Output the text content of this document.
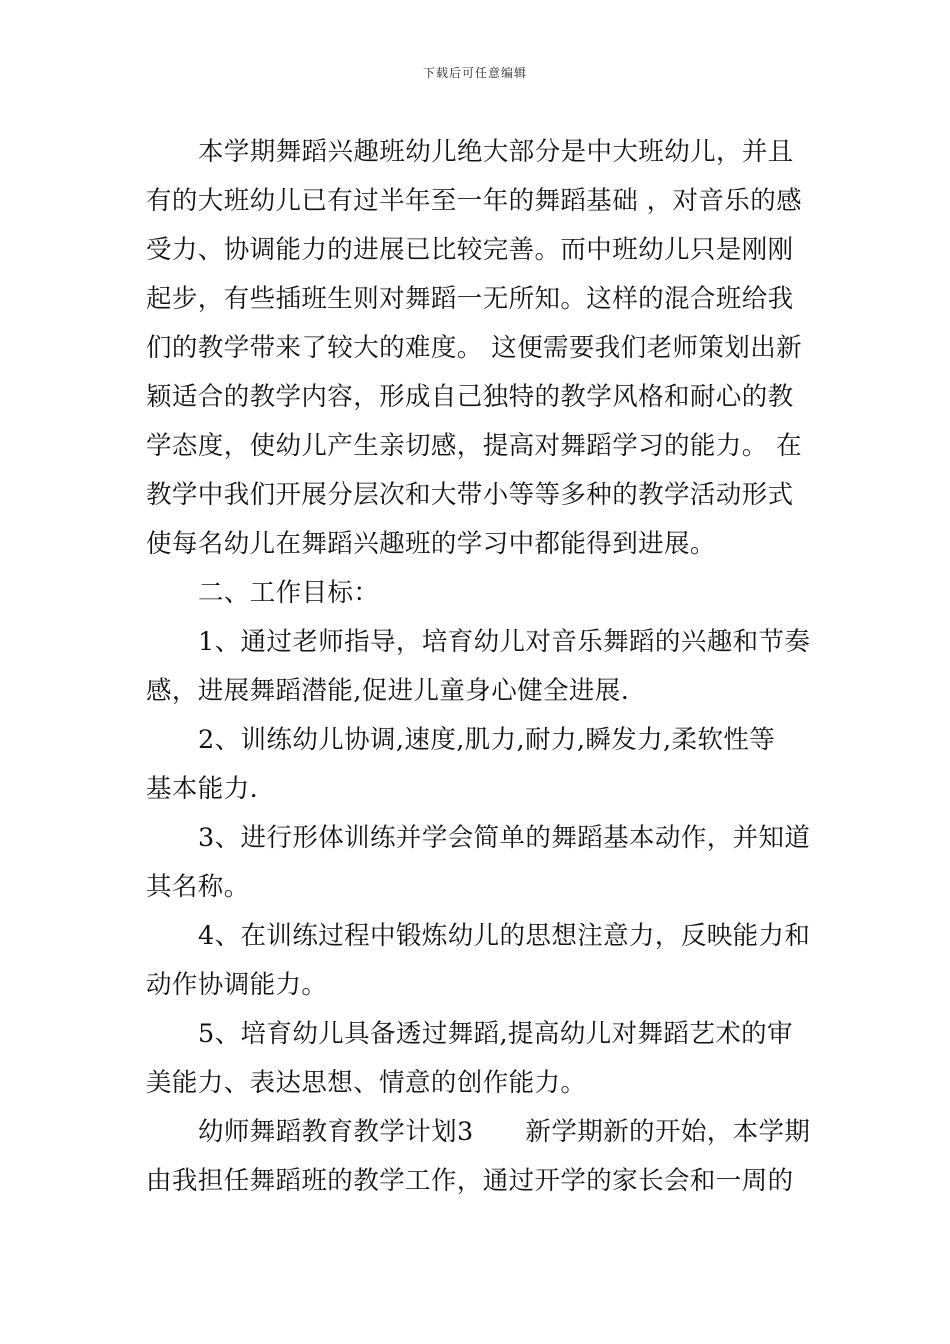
下载后可任意编辑
本学期舞蹈兴趣班幼儿绝大部分是中大班幼儿，并且
有的大班幼儿已有过半年至一年的舞蹈基础 ，对音乐的感
受力、协调能力的进展已比较完善。而中班幼儿只是刚刚
起步，有些插班生则对舞蹈一无所知。这样的混合班给我
们的教学带来了较大的难度。 这便需要我们老师策划出新
颖适合的教学内容，形成自己独特的教学风格和耐心的教
学态度，使幼儿产生亲切感，提高对舞蹈学习的能力。 在
教学中我们开展分层次和大带小等等多种的教学活动形式
使每名幼儿在舞蹈兴趣班的学习中都能得到进展。
二、工作目标：
1、通过老师指导，培育幼儿对音乐舞蹈的兴趣和节奏
感，进展舞蹈潜能,促进儿童身心健全进展.
2、训练幼儿协调,速度,肌力,耐力,瞬发力,柔软性等
基本能力.
3、进行形体训练并学会简单的舞蹈基本动作，并知道
其名称。
4、在训练过程中锻炼幼儿的思想注意力，反映能力和
动作协调能力。
5、培育幼儿具备透过舞蹈,提高幼儿对舞蹈艺术的审
美能力、表达思想、情意的创作能力。
幼师舞蹈教育教学计划3　　新学期新的开始，本学期
由我担任舞蹈班的教学工作，通过开学的家长会和一周的
